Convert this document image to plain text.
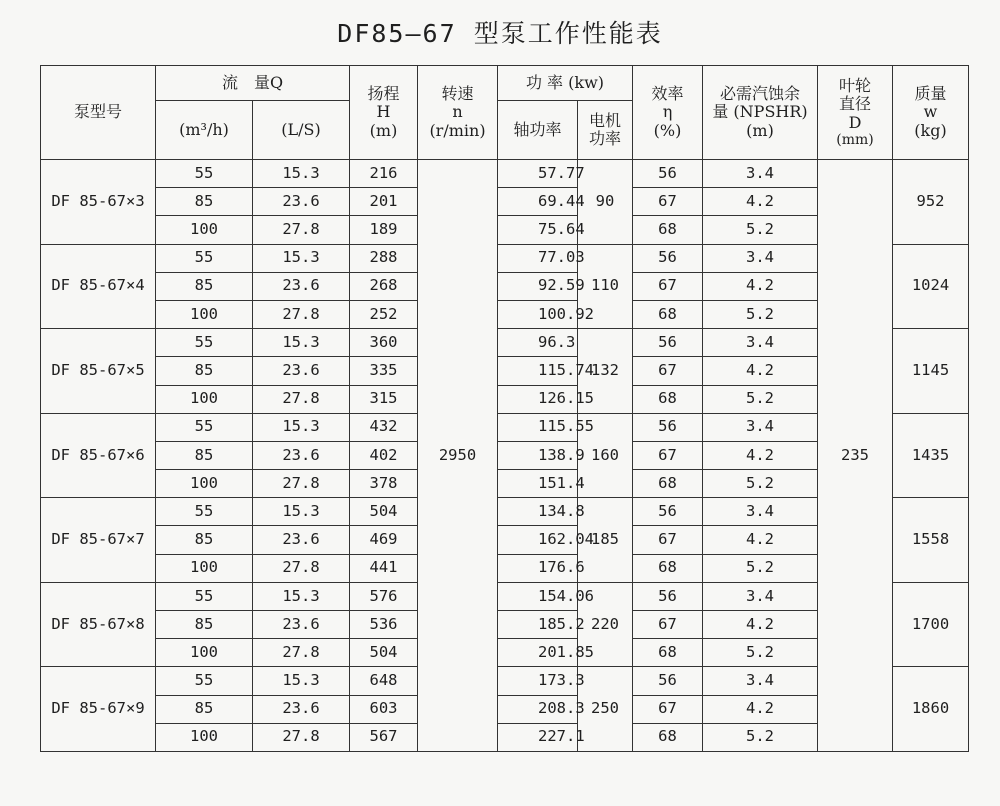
DF85—67 型泵工作性能表
泵型号	流　量Q		扬程
H
(m)	转速
n
(r/min)	功 率 (kw)		效率
η
(%)	必需汽蚀余
量 (NPSHR)
(m)	叶轮
直径
D
(mm)	质量
w
(kg)

	(m³/h)	(L/S)			轴功率	电机
功率				

DF 85-67×3	55	15.3	216	2950	57.77	90	56	3.4	235	952
	85	23.6	201		69.44		67	4.2		
	100	27.8	189		75.64		68	5.2		
DF 85-67×4	55	15.3	288		77.03	110	56	3.4		1024
	85	23.6	268		92.59		67	4.2		
	100	27.8	252		100.92		68	5.2		
DF 85-67×5	55	15.3	360		96.3	132	56	3.4		1145
	85	23.6	335		115.74		67	4.2		
	100	27.8	315		126.15		68	5.2		
DF 85-67×6	55	15.3	432		115.55	160	56	3.4		1435
	85	23.6	402		138.9		67	4.2		
	100	27.8	378		151.4		68	5.2		
DF 85-67×7	55	15.3	504		134.8	185	56	3.4		1558
	85	23.6	469		162.04		67	4.2		
	100	27.8	441		176.6		68	5.2		
DF 85-67×8	55	15.3	576		154.06	220	56	3.4		1700
	85	23.6	536		185.2		67	4.2		
	100	27.8	504		201.85		68	5.2		
DF 85-67×9	55	15.3	648		173.3	250	56	3.4		1860
	85	23.6	603		208.3		67	4.2		
	100	27.8	567		227.1		68	5.2		
